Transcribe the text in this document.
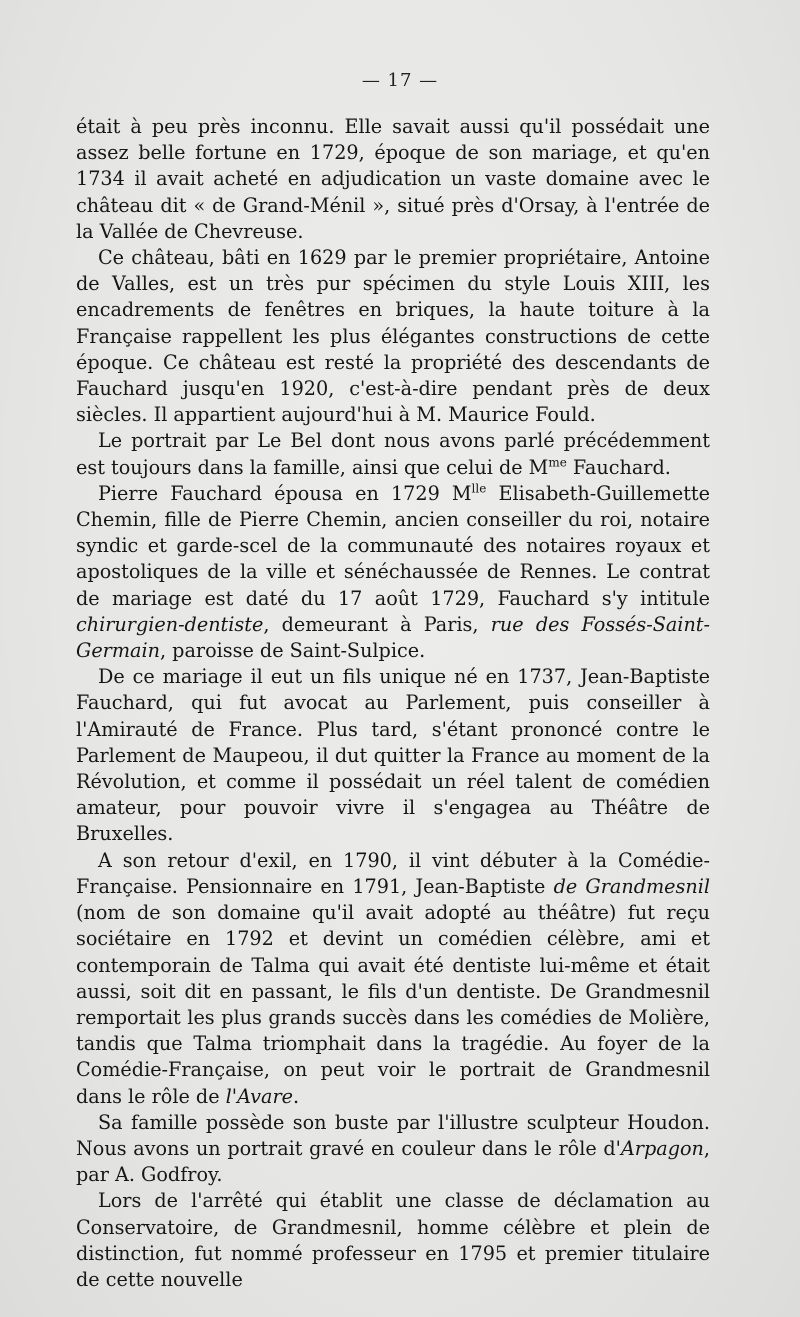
— 17 —

était à peu près inconnu. Elle savait aussi qu'il possédait une assez belle fortune en 1729, époque de son mariage, et qu'en 1734 il avait acheté en adjudication un vaste domaine avec le château dit « de Grand-Ménil », situé près d'Orsay, à l'entrée de la Vallée de Chevreuse.

Ce château, bâti en 1629 par le premier propriétaire, Antoine de Valles, est un très pur spécimen du style Louis XIII, les encadrements de fenêtres en briques, la haute toiture à la Française rappellent les plus élégantes constructions de cette époque. Ce château est resté la propriété des descendants de Fauchard jusqu'en 1920, c'est-à-dire pendant près de deux siècles. Il appartient aujourd'hui à M. Maurice Fould.

Le portrait par Le Bel dont nous avons parlé précédemment est toujours dans la famille, ainsi que celui de $M^{me}$ Fauchard.

Pierre Fauchard épousa en 1729 $M^{lle}$ Elisabeth-Guillemette Chemin, fille de Pierre Chemin, ancien conseiller du roi, notaire syndic et garde-scel de la communauté des notaires royaux et apostoliques de la ville et sénéchaussée de Rennes. Le contrat de mariage est daté du 17 août 1729, Fauchard s'y intitule chirurgien-dentiste, demeurant à Paris, rue des Fossés-Saint-Germain, paroisse de Saint-Sulpice.

De ce mariage il eut un fils unique né en 1737, Jean-Baptiste Fauchard, qui fut avocat au Parlement, puis conseiller à l'Amirauté de France. Plus tard, s'étant prononcé contre le Parlement de Maupeou, il dut quitter la France au moment de la Révolution, et comme il possédait un réel talent de comédien amateur, pour pouvoir vivre il s'engagea au Théâtre de Bruxelles.

A son retour d'exil, en 1790, il vint débuter à la Comédie-Française. Pensionnaire en 1791, Jean-Baptiste de Grandmesnil (nom de son domaine qu'il avait adopté au théâtre) fut reçu sociétaire en 1792 et devint un comédien célèbre, ami et contemporain de Talma qui avait été dentiste lui-même et était aussi, soit dit en passant, le fils d'un dentiste. De Grandmesnil remportait les plus grands succès dans les comédies de Molière, tandis que Talma triomphait dans la tragédie. Au foyer de la Comédie-Française, on peut voir le portrait de Grandmesnil dans le rôle de l'Avare.

Sa famille possède son buste par l'illustre sculpteur Houdon. Nous avons un portrait gravé en couleur dans le rôle d'Arpagon, par A. Godfroy.

Lors de l'arrêté qui établit une classe de déclamation au Conservatoire, de Grandmesnil, homme célèbre et plein de distinction, fut nommé professeur en 1795 et premier titulaire de cette nouvelle
